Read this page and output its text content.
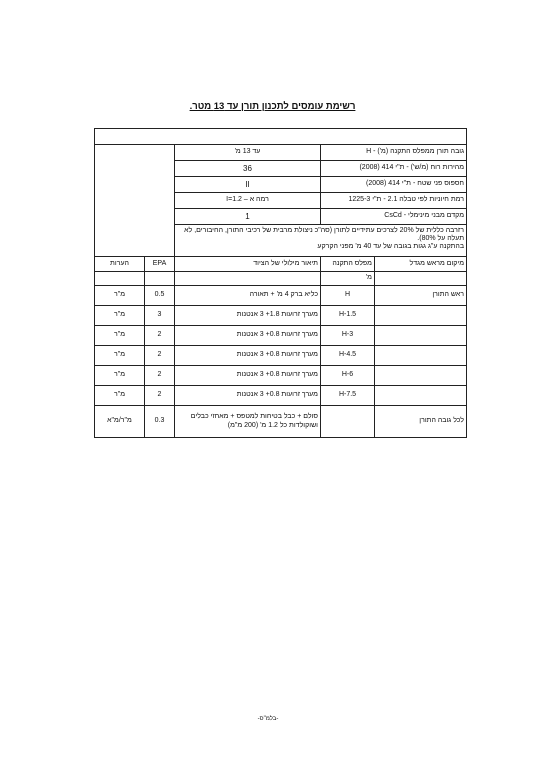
רשימת עומסים לתכנון תורן עד 13 מטר.

		עד 13 מ'	גובה תורן ממפלס התקנה (מ') - H	
		36	מהירות רוח (מ/ש') - ת"י 414 (2008)	
		II	חספוס פני שטח - ת"י 414 (2008)	
		רמה א – I=1.2	רמת חיוניות לפי טבלה 2.1 - ת"י 1225-3	
		1	מקדם מבני מינימלי - CsCd	

		רזרבה כללית של 20% לצרכים עתידיים לתורן (סה"כ ניצולת מרבית של רכיבי התורן, החיבורים, לא תעלה על 80%).
בהתקנה ע"ג גגות בגובה של עד 40 מ' מפני הקרקע		

הערות	EPA	תיאור מילולי של הציוד	מפלס התקנה	מיקום מראש מגדל
			מ'	
מ"ר	0.5	כליא ברק 4 מ' + תאורה	H	ראש התורן
מ"ר	3	מערך זרועות 1.8+ 3 אנטנות	H-1.5	
מ"ר	2	מערך זרועות 0.8+ 3 אנטנות	H-3	
מ"ר	2	מערך זרועות 0.8+ 3 אנטנות	H-4.5	
מ"ר	2	מערך זרועות 0.8+ 3 אנטנות	H-6	
מ"ר	2	מערך זרועות 0.8+ 3 אנטנות	H-7.5	
מ"ר/מ"א	0.3	סולם + כבל בטיחות למטפס + מאחזי כבלים ושוקולדות כל 1.2 מ' (200 מ"מ)		לכל גובה התורן
-בלמ"ס-
